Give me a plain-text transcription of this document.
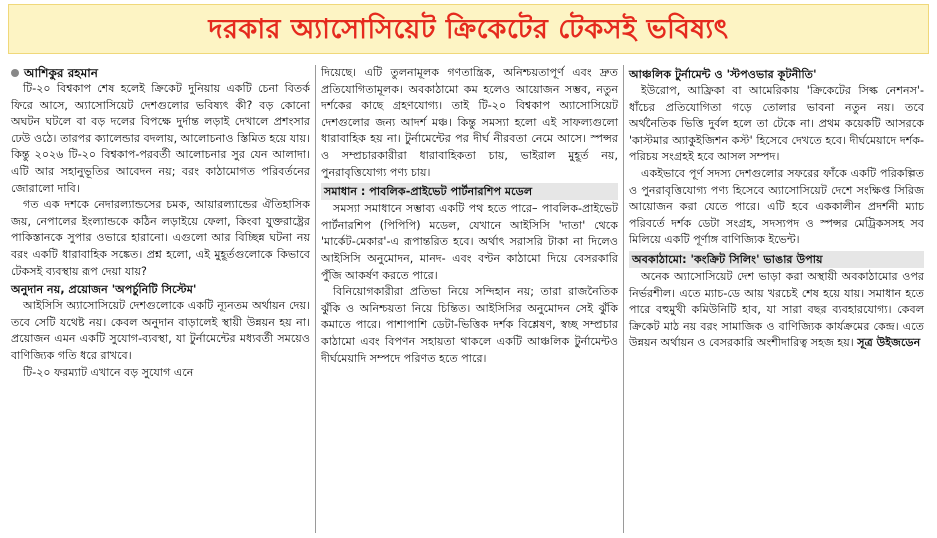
দরকার অ্যাসোসিয়েট ক্রিকেটের টেকসই ভবিষ্যৎ
আশিকুর রহমান

টি-২০ বিশ্বকাপ শেষ হলেই ক্রিকেট দুনিয়ায় একটি চেনা বিতর্ক ফিরে আসে, অ্যাসোসিয়েট দেশগুলোর ভবিষ্যৎ কী? বড় কোনো অঘটন ঘটলে বা বড় দলের বিপক্ষে দুর্দান্ত লড়াই দেখালে প্রশংসার ঢেউ ওঠে। তারপর ক্যালেন্ডার বদলায়, আলোচনাও স্তিমিত হয়ে যায়। কিন্তু ২০২৬ টি-২০ বিশ্বকাপ-পরবর্তী আলোচনার সুর যেন আলাদা। এটি আর সহানুভূতির আবেদন নয়; বরং কাঠামোগত পরিবর্তনের জোরালো দাবি।

গত এক দশকে নেদারল্যান্ডসের চমক, আয়ারল্যান্ডের ঐতিহাসিক জয়, নেপালের ইংল্যান্ডকে কঠিন লড়াইয়ে ফেলা, কিংবা যুক্তরাষ্ট্রের পাকিস্তানকে সুপার ওভারে হারানো। এগুলো আর বিচ্ছিন্ন ঘটনা নয় বরং একটি ধারাবাহিক সঙ্কেত। প্রশ্ন হলো, এই মুহূর্তগুলোকে কিভাবে টেকসই ব্যবস্থায় রূপ দেয়া যায়?

অনুদান নয়, প্রয়োজন 'অপর্চুনিটি সিস্টেম'

আইসিসি অ্যাসোসিয়েট দেশগুলোকে একটি ন্যূনতম অর্থায়ন দেয়। তবে সেটি যথেষ্ট নয়। কেবল অনুদান বাড়ালেই স্থায়ী উন্নয়ন হয় না। প্রয়োজন এমন একটি সুযোগ-ব্যবস্থা, যা টুর্নামেন্টের মধ্যবর্তী সময়েও বাণিজ্যিক গতি ধরে রাখবে।

টি-২০ ফরম্যাট এখানে বড় সুযোগ এনে

দিয়েছে। এটি তুলনামূলক গণতান্ত্রিক, অনিশ্চয়তাপূর্ণ এবং দ্রুত প্রতিযোগিতামূলক। অবকাঠামো কম হলেও আয়োজন সম্ভব, নতুন দর্শকের কাছে গ্রহণযোগ্য। তাই টি-২০ বিশ্বকাপ অ্যাসোসিয়েট দেশগুলোর জন্য আদর্শ মঞ্চ। কিন্তু সমস্যা হলো এই সাফল্যগুলো ধারাবাহিক হয় না। টুর্নামেন্টের পর দীর্ঘ নীরবতা নেমে আসে। স্পন্সর ও সম্প্রচারকারীরা ধারাবাহিকতা চায়, ভাইরাল মুহূর্ত নয়, পুনরাবৃত্তিযোগ্য পণ্য চায়।

সমাধান : পাবলিক-প্রাইভেট পার্টনারশিপ মডেল

সমস্যা সমাধানে সম্ভাব্য একটি পথ হতে পারে– পাবলিক-প্রাইভেট পার্টনারশিপ (পিপিপি) মডেল, যেখানে আইসিসি 'দাতা' থেকে 'মার্কেট-মেকার'-এ রূপান্তরিত হবে। অর্থাৎ সরাসরি টাকা না দিলেও আইসিসি অনুমোদন, মানদ- এবং বণ্টন কাঠামো দিয়ে বেসরকারি পুঁজি আকর্ষণ করতে পারে।

বিনিয়োগকারীরা প্রতিভা নিয়ে সন্দিহান নয়; তারা রাজনৈতিক ঝুঁকি ও অনিশ্চয়তা নিয়ে চিন্তিত। আইসিসির অনুমোদন সেই ঝুঁকি কমাতে পারে। পাশাপাশি ডেটা-ভিত্তিক দর্শক বিশ্লেষণ, স্বচ্ছ সম্প্রচার কাঠামো এবং বিপণন সহায়তা থাকলে একটি আঞ্চলিক টুর্নামেন্টও দীর্ঘমেয়াদি সম্পদে পরিণত হতে পারে।

আঞ্চলিক টুর্নামেন্ট ও 'স্টপওভার কূটনীতি'

ইউরোপ, আফ্রিকা বা আমেরিকায় 'ক্রিকেটের সিল্ক নেশনস'-ধাঁচের প্রতিযোগিতা গড়ে তোলার ভাবনা নতুন নয়। তবে অর্থনৈতিক ভিত্তি দুর্বল হলে তা টেকে না। প্রথম কয়েকটি আসরকে 'কাস্টমার অ্যাকুইজিশন কস্ট' হিসেবে দেখতে হবে। দীর্ঘমেয়াদে দর্শক-পরিচয় সংগ্রহই হবে আসল সম্পদ।

একইভাবে পূর্ণ সদস্য দেশগুলোর সফরের ফাঁকে একটি পরিকল্পিত ও পুনরাবৃত্তিযোগ্য পণ্য হিসেবে অ্যাসোসিয়েট দেশে সংক্ষিপ্ত সিরিজ আয়োজন করা যেতে পারে। এটি হবে এককালীন প্রদর্শনী ম্যাচ পরিবর্তে দর্শক ডেটা সংগ্রহ, সদস্যপদ ও স্পন্সর মেট্রিকসসহ সব মিলিয়ে একটি পূর্ণাঙ্গ বাণিজ্যিক ইভেন্ট।

অবকাঠামো: 'কংক্রিট সিলিং' ভাঙার উপায়

অনেক অ্যাসোসিয়েট দেশ ভাড়া করা অস্থায়ী অবকাঠামোর ওপর নির্ভরশীল। এতে ম্যাচ-ডে আয় খরচেই শেষ হয়ে যায়। সমাধান হতে পারে বহুমুখী কমিউনিটি হাব, যা সারা বছর ব্যবহারযোগ্য। কেবল ক্রিকেট মাঠ নয় বরং সামাজিক ও বাণিজ্যিক কার্যক্রমের কেন্দ্র। এতে উন্নয়ন অর্থায়ন ও বেসরকারি অংশীদারিত্ব সহজ হয়। সূত্র উইজডেন
